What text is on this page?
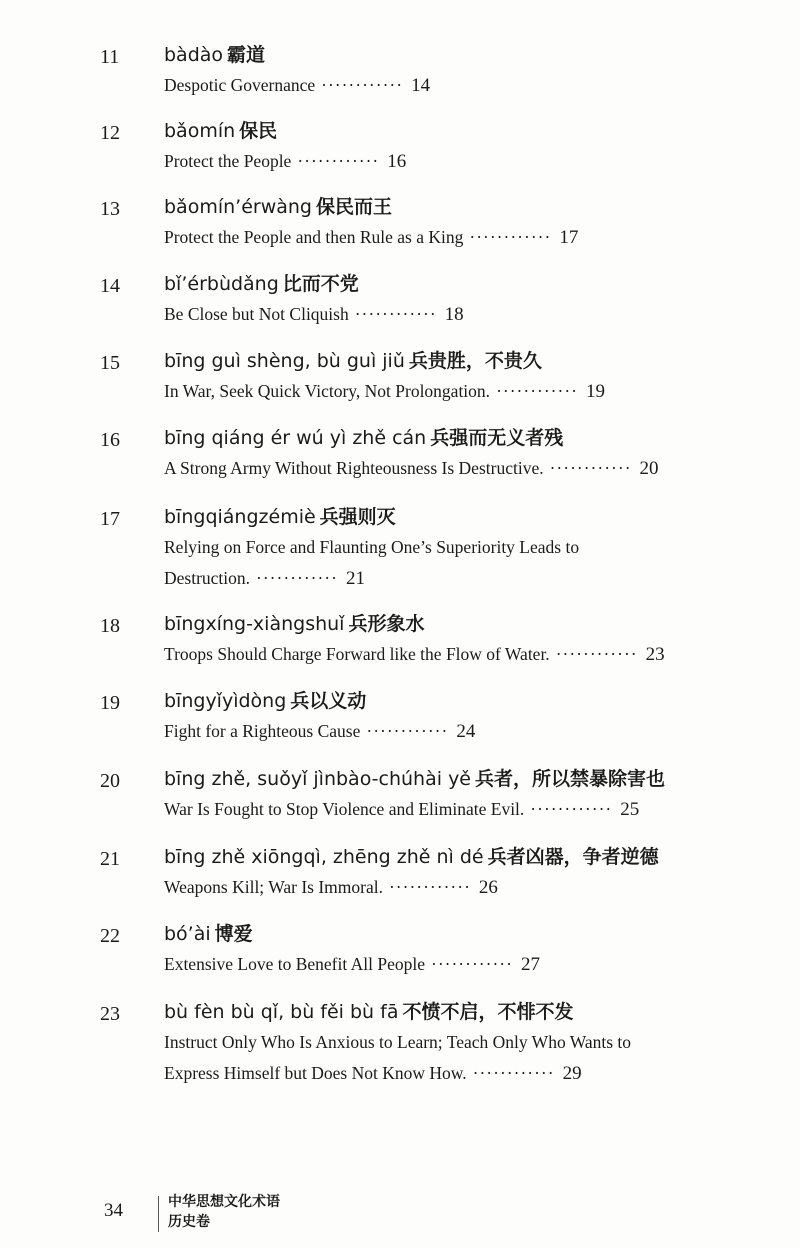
11	bàdào 霸道
Despotic Governance ············ 14
12	bǎomín 保民
Protect the People ············ 16
13	bǎomín’érwàng 保民而王
Protect the People and then Rule as a King ············ 17
14	bǐ’érbùdǎng 比而不党
Be Close but Not Cliquish ············ 18
15	bīng guì shèng, bù guì jiǔ 兵贵胜，不贵久
In War, Seek Quick Victory, Not Prolongation. ············ 19
16	bīng qiáng ér wú yì zhě cán 兵强而无义者残
A Strong Army Without Righteousness Is Destructive. ············ 20
17	bīngqiángzémiè 兵强则灭
Relying on Force and Flaunting One’s Superiority Leads to
Destruction. ············ 21
18	bīngxíng-xiàngshuǐ 兵形象水
Troops Should Charge Forward like the Flow of Water. ············ 23
19	bīngyǐyìdòng 兵以义动
Fight for a Righteous Cause ············ 24
20	bīng zhě, suǒyǐ jìnbào-chúhài yě 兵者，所以禁暴除害也
War Is Fought to Stop Violence and Eliminate Evil. ············ 25
21	bīng zhě xiōngqì, zhēng zhě nì dé 兵者凶器，争者逆德
Weapons Kill; War Is Immoral. ············ 26
22	bó’ài 博爱
Extensive Love to Benefit All People ············ 27
23	bù fèn bù qǐ, bù fěi bù fā 不愤不启，不悱不发
Instruct Only Who Is Anxious to Learn; Teach Only Who Wants to
Express Himself but Does Not Know How. ············ 29
34	中华思想文化术语
历史卷
